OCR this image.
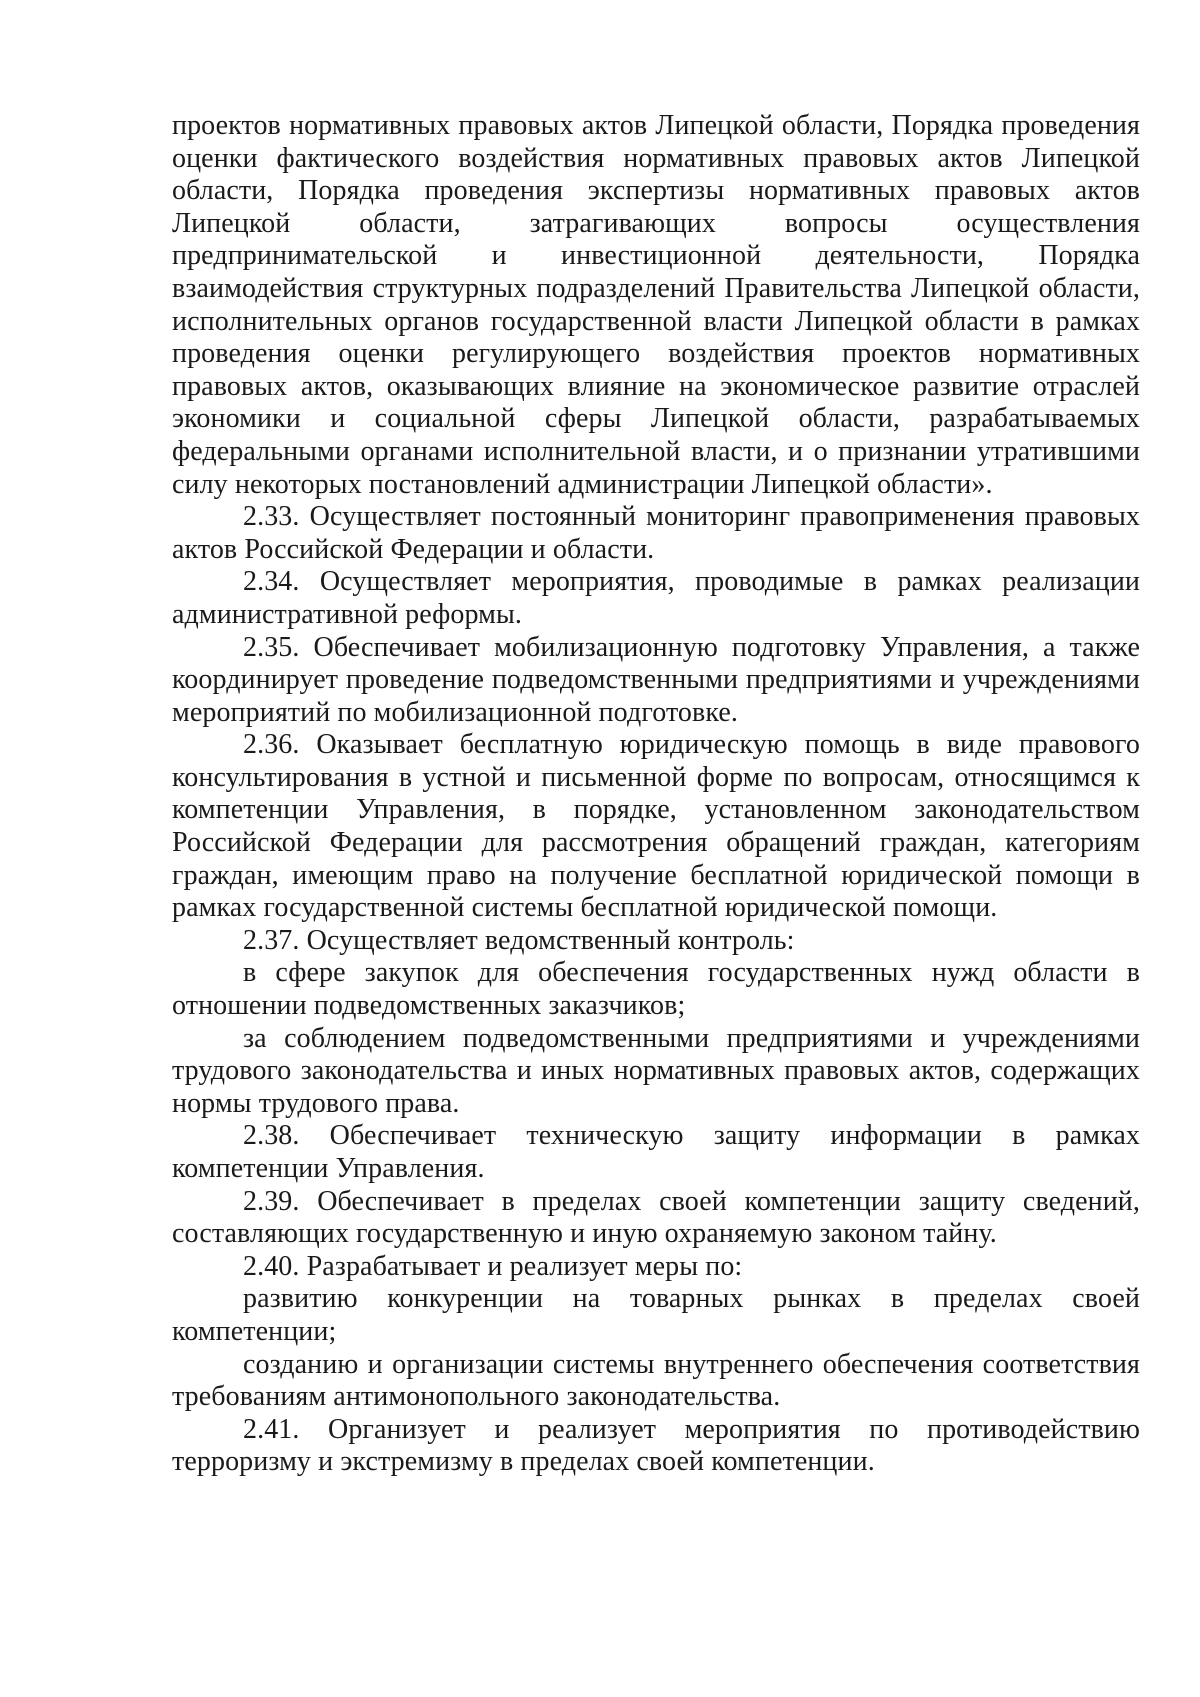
проектов нормативных правовых актов Липецкой области, Порядка проведения оценки фактического воздействия нормативных правовых актов Липецкой области, Порядка проведения экспертизы нормативных правовых актов Липецкой области, затрагивающих вопросы осуществления предпринимательской и инвестиционной деятельности, Порядка взаимодействия структурных подразделений Правительства Липецкой области, исполнительных органов государственной власти Липецкой области в рамках проведения оценки регулирующего воздействия проектов нормативных правовых актов, оказывающих влияние на экономическое развитие отраслей экономики и социальной сферы Липецкой области, разрабатываемых федеральными органами исполнительной власти, и о признании утратившими силу некоторых постановлений администрации Липецкой области».

2.33. Осуществляет постоянный мониторинг правоприменения правовых актов Российской Федерации и области.

2.34. Осуществляет мероприятия, проводимые в рамках реализации административной реформы.

2.35. Обеспечивает мобилизационную подготовку Управления, а также координирует проведение подведомственными предприятиями и учреждениями мероприятий по мобилизационной подготовке.

2.36. Оказывает бесплатную юридическую помощь в виде правового консультирования в устной и письменной форме по вопросам, относящимся к компетенции Управления, в порядке, установленном законодательством Российской Федерации для рассмотрения обращений граждан, категориям граждан, имеющим право на получение бесплатной юридической помощи в рамках государственной системы бесплатной юридической помощи.

2.37. Осуществляет ведомственный контроль:

в сфере закупок для обеспечения государственных нужд области в отношении подведомственных заказчиков;

за соблюдением подведомственными предприятиями и учреждениями трудового законодательства и иных нормативных правовых актов, содержащих нормы трудового права.

2.38. Обеспечивает техническую защиту информации в рамках компетенции Управления.

2.39. Обеспечивает в пределах своей компетенции защиту сведений, составляющих государственную и иную охраняемую законом тайну.

2.40. Разрабатывает и реализует меры по:

развитию конкуренции на товарных рынках в пределах своей компетенции;

созданию и организации системы внутреннего обеспечения соответствия требованиям антимонопольного законодательства.

2.41. Организует и реализует мероприятия по противодействию терроризму и экстремизму в пределах своей компетенции.
